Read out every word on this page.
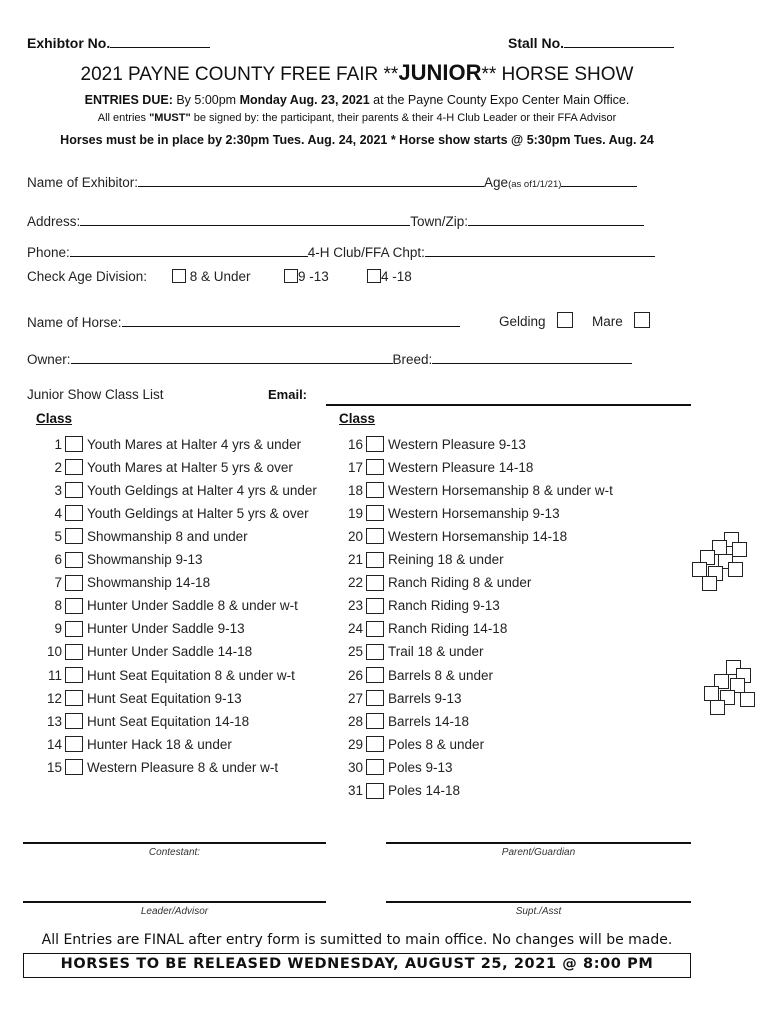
Exhibtor No.	Stall No.
2021 PAYNE COUNTY FREE FAIR **JUNIOR** HORSE SHOW
ENTRIES DUE: By 5:00pm Monday Aug. 23, 2021 at the Payne County Expo Center Main Office.
All entries "MUST" be signed by: the participant, their parents & their 4-H Club Leader or their FFA Advisor
Horses must be in place by 2:30pm Tues. Aug. 24, 2021 * Horse show starts @ 5:30pm Tues. Aug. 24
Name of Exhibitor:	Age(as of1/1/21)
Address:	Town/Zip:
Phone:	4-H Club/FFA Chpt:
Check Age Division:	8 & Under	9 -13	4 -18
Name of Horse:	Gelding	Mare
Owner:	Breed:
Junior Show Class List	Email:
Class	Class
1 Youth Mares at Halter 4 yrs & under
2 Youth Mares at Halter 5 yrs & over
3 Youth Geldings at Halter 4 yrs & under
4 Youth Geldings at Halter 5 yrs & over
5 Showmanship 8 and under
6 Showmanship 9-13
7 Showmanship 14-18
8 Hunter Under Saddle 8 & under w-t
9 Hunter Under Saddle 9-13
10 Hunter Under Saddle 14-18
11 Hunt Seat Equitation 8 & under w-t
12 Hunt Seat Equitation 9-13
13 Hunt Seat Equitation 14-18
14 Hunter Hack 18 & under
15 Western Pleasure 8 & under w-t
16 Western Pleasure 9-13
17 Western Pleasure 14-18
18 Western Horsemanship 8 & under w-t
19 Western Horsemanship 9-13
20 Western Horsemanship 14-18
21 Reining 18 & under
22 Ranch Riding 8 & under
23 Ranch Riding 9-13
24 Ranch Riding 14-18
25 Trail 18 & under
26 Barrels 8 & under
27 Barrels 9-13
28 Barrels 14-18
29 Poles 8 & under
30 Poles 9-13
31 Poles 14-18
Contestant:	Parent/Guardian
Leader/Advisor	Supt./Asst
All Entries are FINAL after entry form is sumitted to main office. No changes will be made.
HORSES TO BE RELEASED WEDNESDAY, AUGUST 25, 2021 @ 8:00 PM
